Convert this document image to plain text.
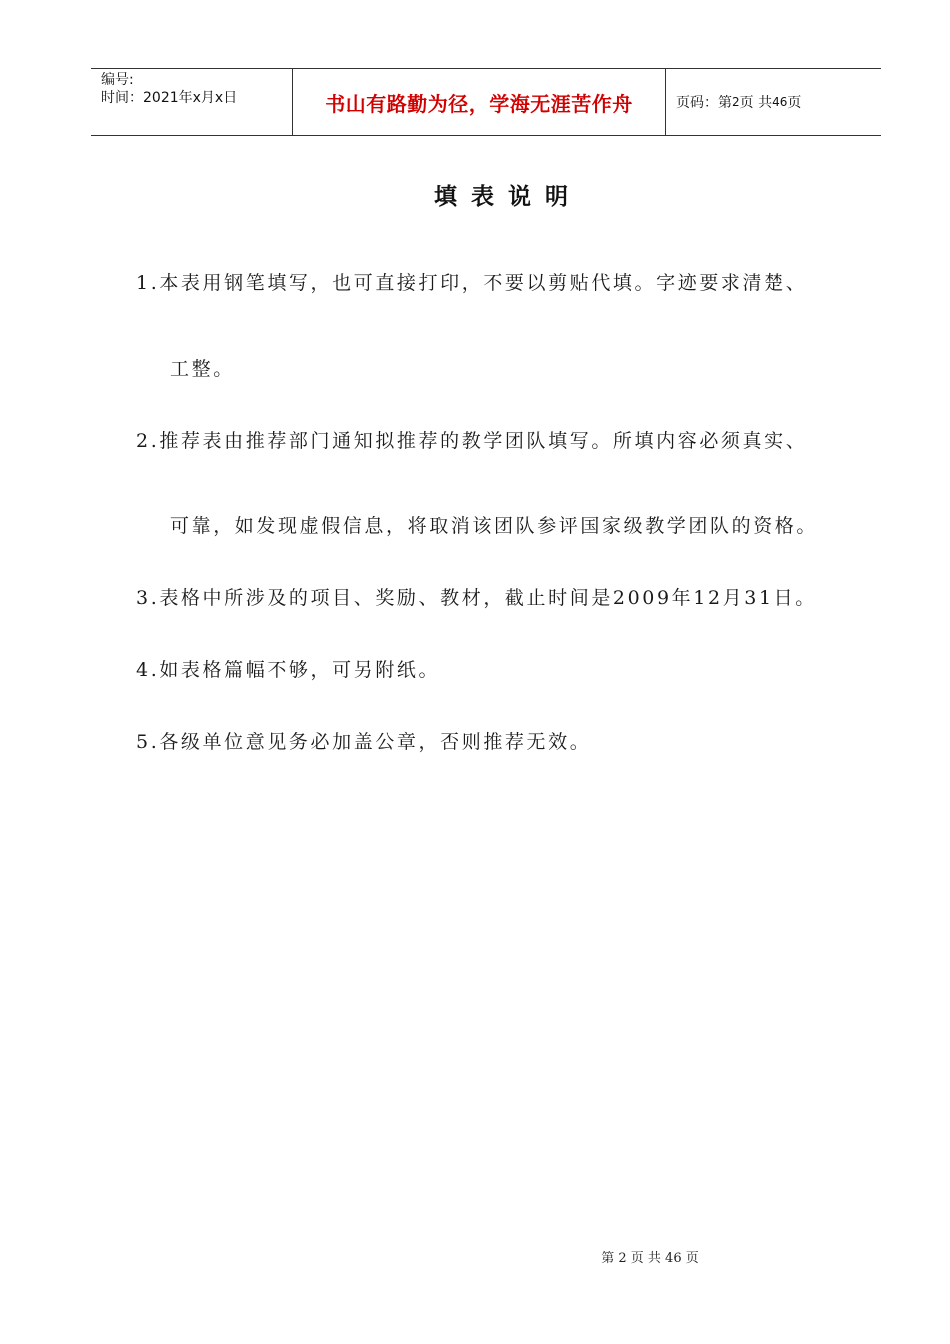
编号:
时间：2021年x月x日	书山有路勤为径，学海无涯苦作舟	页码：第 2 页 共 46 页
填表说明
1.本表用钢笔填写，也可直接打印，不要以剪贴代填。字迹要求清楚、
工整。
2.推荐表由推荐部门通知拟推荐的教学团队填写。所填内容必须真实、
可靠，如发现虚假信息，将取消该团队参评国家级教学团队的资格。
3.表格中所涉及的项目、奖励、教材，截止时间是2009年12月31日。
4.如表格篇幅不够，可另附纸。
5.各级单位意见务必加盖公章，否则推荐无效。
第 2 页 共 46 页
